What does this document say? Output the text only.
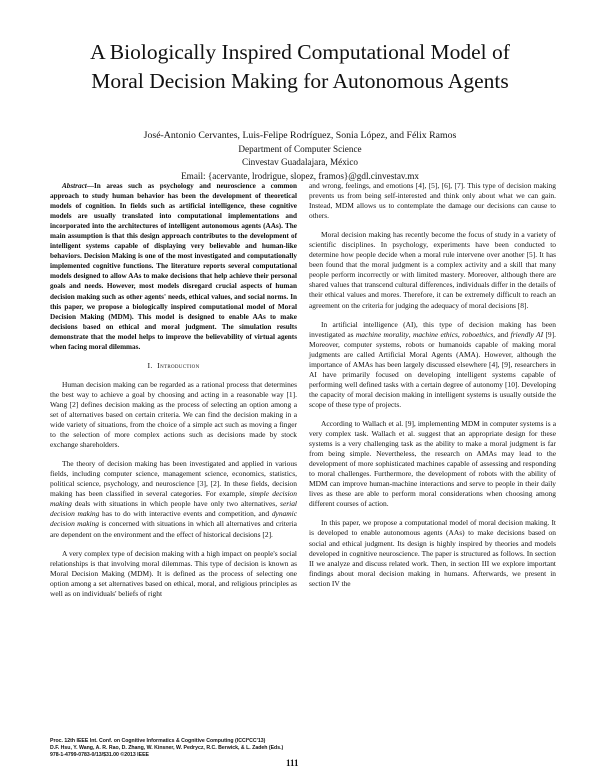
A Biologically Inspired Computational Model of
Moral Decision Making for Autonomous Agents
José-Antonio Cervantes, Luis-Felipe Rodríguez, Sonia López, and Félix Ramos
Department of Computer Science
Cinvestav Guadalajara, México
Email: {acervante, lrodrigue, slopez, framos}@gdl.cinvestav.mx

Abstract—In areas such as psychology and neuroscience a common approach to study human behavior has been the development of theoretical models of cognition. In fields such as artificial intelligence, these cognitive models are usually translated into computational implementations and incorporated into the architectures of intelligent autonomous agents (AAs). The main assumption is that this design approach contributes to the development of intelligent systems capable of displaying very believable and human-like behaviors. Decision Making is one of the most investigated and computationally implemented cognitive functions. The literature reports several computational models designed to allow AAs to make decisions that help achieve their personal goals and needs. However, most models disregard crucial aspects of human decision making such as other agents' needs, ethical values, and social norms. In this paper, we propose a biologically inspired computational model of Moral Decision Making (MDM). This model is designed to enable AAs to make decisions based on ethical and moral judgment. The simulation results demonstrate that the model helps to improve the believability of virtual agents when facing moral dilemmas.

I. Introduction

Human decision making can be regarded as a rational process that determines the best way to achieve a goal by choosing and acting in a reasonable way [1]. Wang [2] defines decision making as the process of selecting an option among a set of alternatives based on certain criteria. We can find the decision making in a wide variety of situations, from the choice of a simple act such as moving a finger to the selection of more complex actions such as decisions made by stock exchange shareholders.

The theory of decision making has been investigated and applied in various fields, including computer science, management science, economics, statistics, political science, psychology, and neuroscience [3], [2]. In these fields, decision making has been classified in several categories. For example, simple decision making deals with situations in which people have only two alternatives, serial decision making has to do with interactive events and competition, and dynamic decision making is concerned with situations in which all alternatives and criteria are dependent on the environment and the effect of historical decisions [2].

A very complex type of decision making with a high impact on people's social relationships is that involving moral dilemmas. This type of decision is known as Moral Decision Making (MDM). It is defined as the process of selecting one option among a set alternatives based on ethical, moral, and religious principles as well as on individuals' beliefs of right

and wrong, feelings, and emotions [4], [5], [6], [7]. This type of decision making prevents us from being self-interested and think only about what we can gain. Instead, MDM allows us to contemplate the damage our decisions can cause to others.

Moral decision making has recently become the focus of study in a variety of scientific disciplines. In psychology, experiments have been conducted to determine how people decide when a moral rule intervene over another [5]. It has been found that the moral judgment is a complex activity and a skill that many people perform incorrectly or with limited mastery. Moreover, although there are shared values that transcend cultural differences, individuals differ in the details of their ethical values and mores. Therefore, it can be extremely difficult to reach an agreement on the criteria for judging the adequacy of moral decisions [8].

In artificial intelligence (AI), this type of decision making has been investigated as machine morality, machine ethics, roboethics, and friendly AI [9]. Moreover, computer systems, robots or humanoids capable of making moral judgments are called Artificial Moral Agents (AMA). However, although the importance of AMAs has been largely discussed elsewhere [4], [9], researchers in AI have primarily focused on developing intelligent systems capable of performing well defined tasks with a certain degree of autonomy [10]. Developing the capacity of moral decision making in intelligent systems is usually outside the scope of these type of projects.

According to Wallach et al. [9], implementing MDM in computer systems is a very complex task. Wallach et al. suggest that an appropriate design for these systems is a very challenging task as the ability to make a moral judgment is far from being simple. Nevertheless, the research on AMAs may lead to the development of more sophisticated machines capable of assessing and responding to moral challenges. Furthermore, the development of robots with the ability of MDM can improve human-machine interactions and serve to people in their daily lives as these are able to perform moral considerations when choosing among different courses of action.

In this paper, we propose a computational model of moral decision making. It is developed to enable autonomous agents (AAs) to make decisions based on social and ethical judgment. Its design is highly inspired by theories and models developed in cognitive neuroscience. The paper is structured as follows. In section II we analyze and discuss related work. Then, in section III we explore important findings about moral decision making in humans. Afterwards, we present in section IV the

Proc. 12th IEEE Int. Conf. on Cognitive Informatics & Cognitive Computing (ICCI*CC'13)
D.F. Hsu, Y. Wang, A. R. Rao, D. Zhang, W. Kinsner, W. Pedrycz, R.C. Berwick, & L. Zadeh (Eds.)
978-1-4799-0783-0/13/$31.00 ©2013 IEEE
111
